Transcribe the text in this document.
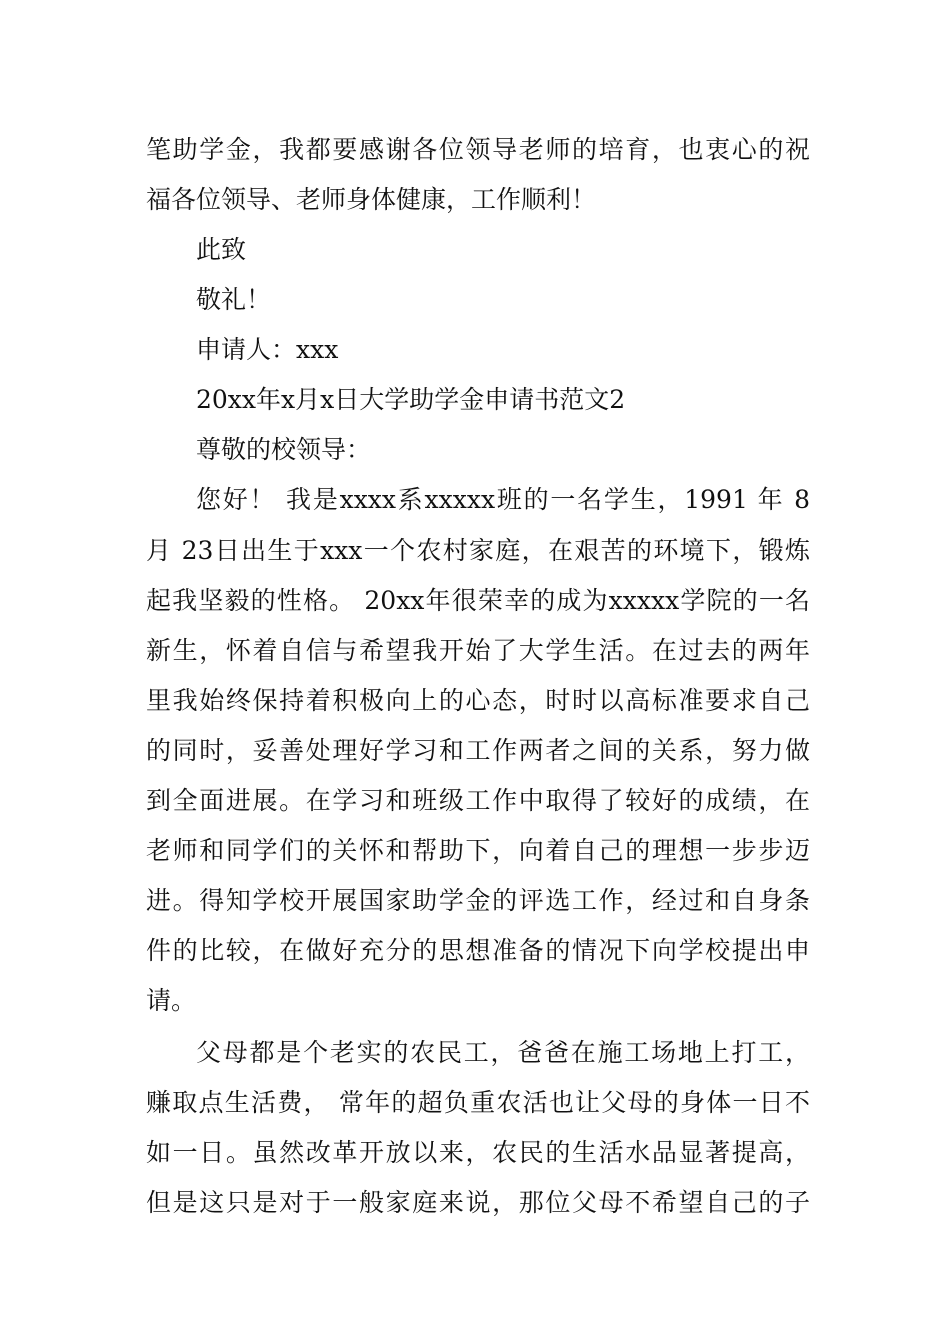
笔助学金，我都要感谢各位领导老师的培育，也衷心的祝
福各位领导、老师身体健康，工作顺利！
此致
敬礼！
申请人：xxx
20xx年x月x日大学助学金申请书范文2
尊敬的校领导：
您好！ 我是xxxx系xxxxx班的一名学生，1991 年 8
月 23日出生于xxx一个农村家庭，在艰苦的环境下，锻炼
起我坚毅的性格。 20xx年很荣幸的成为xxxxx学院的一名
新生，怀着自信与希望我开始了大学生活。在过去的两年
里我始终保持着积极向上的心态，时时以高标准要求自己
的同时，妥善处理好学习和工作两者之间的关系，努力做
到全面进展。在学习和班级工作中取得了较好的成绩，在
老师和同学们的关怀和帮助下，向着自己的理想一步步迈
进。得知学校开展国家助学金的评选工作，经过和自身条
件的比较，在做好充分的思想准备的情况下向学校提出申
请。
父母都是个老实的农民工，爸爸在施工场地上打工，
赚取点生活费， 常年的超负重农活也让父母的身体一日不
如一日。虽然改革开放以来，农民的生活水品显著提高，
但是这只是对于一般家庭来说，那位父母不希望自己的子
